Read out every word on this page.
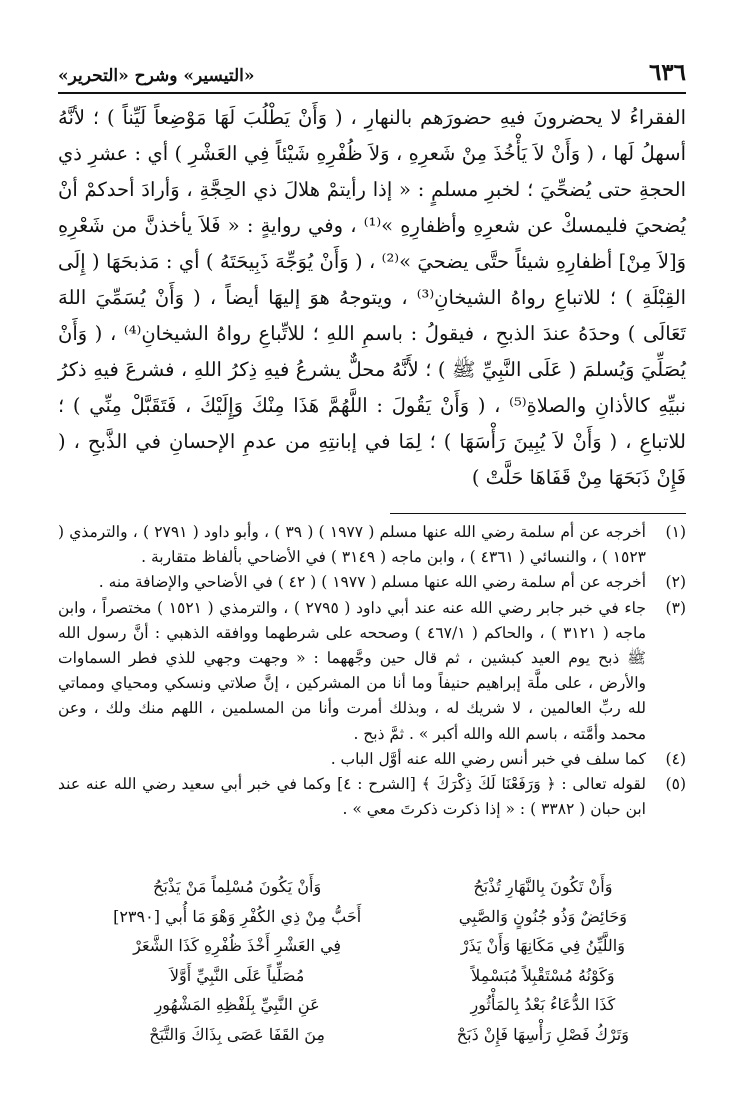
٦٣٦
«التيسير» وشرح «التحرير»

الفقراءُ لا يحضرونَ فيهِ حضورَهم بالنهارِ ، ( وَأَنْ يَطْلُبَ لَهَا مَوْضِعاً لَيِّناً ) ؛ لأنَّهُ أسهلُ لَها ، ( وَأَنْ لاَ يَأْخُذَ مِنْ شَعرِهِ ، وَلاَ ظُفْرِهِ شَيْئاً فِي العَشْرِ ) أي : عشرِ ذي الحجةِ حتى يُضحِّيَ ؛ لخبرِ مسلمٍ : « إذا رأيتمْ هلالَ ذي الحِجَّةِ ، وَأرادَ أحدكمْ أنْ يُضحيَ فليمسكْ عن شعرِهِ وأظفارِهِ »⁽¹⁾ ، وفي روايةٍ : « فَلاَ يأخذنَّ من شَعْرِهِ وَ[لاَ مِنْ] أظفارِهِ شيئاً حتَّى يضحيَ »⁽²⁾ ، ( وَأَنْ يُوَجِّهَ ذَبِيحَتَهُ ) أي : مَذبحَهَا ( إِلَى القِبْلَةِ ) ؛ للاتباعِ رواهُ الشيخانِ⁽³⁾ ، ويتوجهُ هوَ إليهَا أيضاً ، ( وَأَنْ يُسَمِّيَ اللهَ تَعَالَى ) وحدَهُ عندَ الذبحِ ، فيقولُ : باسمِ اللهِ ؛ للاتِّباعِ رواهُ الشيخانِ⁽⁴⁾ ، ( وَأَنْ يُصَلِّيَ وَيُسلمَ ( عَلَى النَّبِيِّ ﷺ ) ؛ لأَنَّهُ محلٌّ يشرعُ فيهِ ذِكرُ اللهِ ، فشرعَ فيهِ ذكرُ نبيِّهِ كالأذانِ والصلاةِ⁽⁵⁾ ، ( وَأَنْ يَقُولَ : اللَّهُمَّ هَذَا مِنْكَ وَإِلَيْكَ ، فَتَقَبَّلْ مِنِّي ) ؛ للاتباعِ ، ( وَأَنْ لاَ يُبِينَ رَأْسَهَا ) ؛ لِمَا في إبانتِهِ من عدمِ الإحسانِ في الذَّبحِ ، ( فَإِنْ ذَبَحَهَا مِنْ قَفَاهَا حَلَّتْ )

(١)
أخرجه عن أم سلمة رضي الله عنها مسلم ( ١٩٧٧ ) ( ٣٩ ) ، وأبو داود ( ٢٧٩١ ) ، والترمذي ( ١٥٢٣ ) ، والنسائي ( ٤٣٦١ ) ، وابن ماجه ( ٣١٤٩ ) في الأضاحي بألفاظ متقاربة .
(٢)
أخرجه عن أم سلمة رضي الله عنها مسلم ( ١٩٧٧ ) ( ٤٢ ) في الأضاحي والإضافة منه .
(٣)
جاء في خبر جابر رضي الله عنه عند أبي داود ( ٢٧٩٥ ) ، والترمذي ( ١٥٢١ ) مختصراً ، وابن ماجه ( ٣١٢١ ) ، والحاكم ( ٤٦٧/١ ) وصححه على شرطهما ووافقه الذهبي : أنَّ رسول الله ﷺ ذبح يوم العيد كبشين ، ثم قال حين وجَّههما : « وجهت وجهي للذي فطر السماوات والأرض ، على ملَّة إبراهيم حنيفاً وما أنا من المشركين ، إنَّ صلاتي ونسكي ومحياي ومماتي لله ربِّ العالمين ، لا شريك له ، وبذلك أمرت وأنا من المسلمين ، اللهم منك ولك ، وعن محمد وأمَّته ، باسم الله والله أكبر » . ثمَّ ذبح .
(٤)
كما سلف في خبر أنس رضي الله عنه أوَّل الباب .
(٥)
لقوله تعالى : ﴿ وَرَفَعْنَا لَكَ ذِكْرَكَ ﴾ [الشرح : ٤] وكما في خبر أبي سعيد رضي الله عنه عند ابن حبان ( ٣٣٨٢ ) : « إذا ذكرت ذكرتَ معي » .
وَأَنْ تَكُونَ بِالنَّهَارِ تُذْبَحُ
وَأَنْ يَكُونَ مُسْلِماً مَنْ يَذْبَحُ
وَحَائِضٌ وَذُو جُنُونٍ وَالصَّبِي
أَحَبُّ مِنْ ذِي الكُفْرِ وَهْوَ مَا أُبي [٢٣٩٠]
وَاللَّيِّنُ فِي مَكَانِهَا وَأَنْ يَذَرْ
فِي العَشْرِ أَخْذَ ظُفْرِهِ كَذَا الشَّعَرْ
وَكَوْنُهُ مُسْتَقْبِلاً مُبَسْمِلاً
مُصَلِّياً عَلَى النَّبِيِّ أَوَّلاَ
كَذَا الدُّعَاءُ بَعْدُ بِالمَأْثُورِ
عَنِ النَّبِيِّ بِلَفْظِهِ المَشْهُورِ
وَتَرْكُ فَصْلِ رَأْسِهَا فَإِنْ ذَبَحْ
مِنَ القَفَا عَصَى بِذَاكَ وَالتَّبَحْ
